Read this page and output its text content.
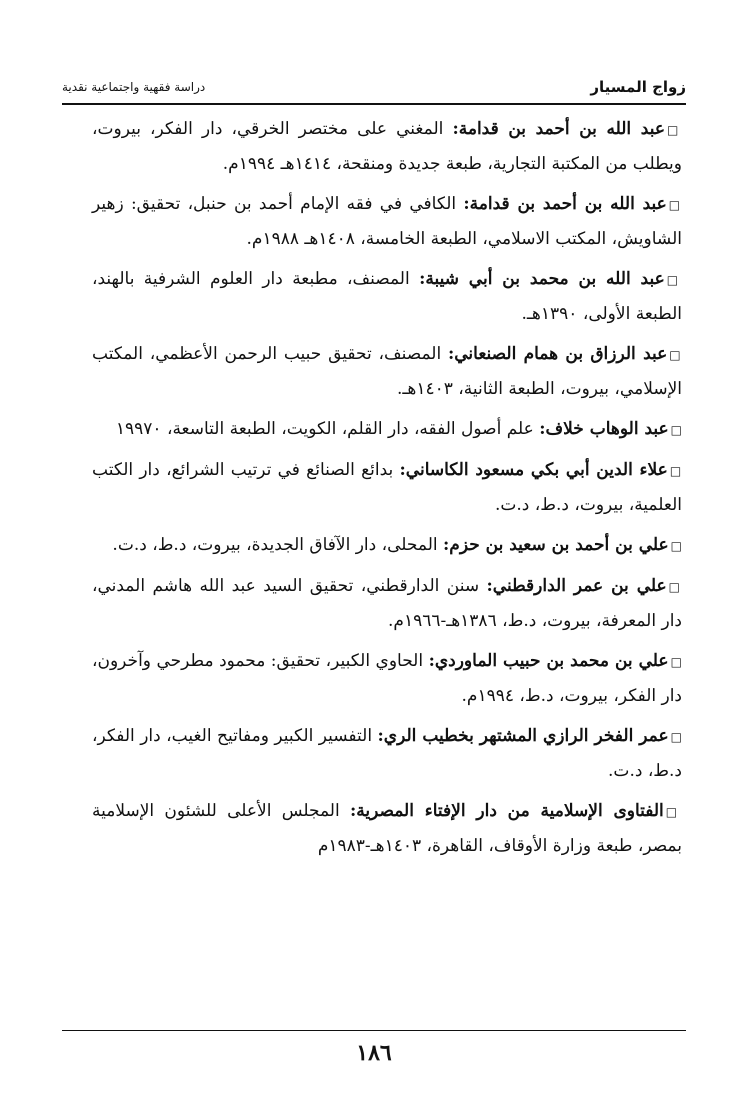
زواج المسيار
دراسة فقهية واجتماعية نقدية
□عبد الله بن أحمد بن قدامة: المغني على مختصر الخرقي، دار الفكر، بيروت، ويطلب من المكتبة التجارية، طبعة جديدة ومنقحة، ١٤١٤هـ ١٩٩٤م.
□عبد الله بن أحمد بن قدامة: الكافي في فقه الإمام أحمد بن حنبل، تحقيق: زهير الشاويش، المكتب الاسلامي، الطبعة الخامسة، ١٤٠٨هـ ١٩٨٨م.
□عبد الله بن محمد بن أبي شيبة: المصنف، مطبعة دار العلوم الشرفية بالهند، الطبعة الأولى، ١٣٩٠هـ.
□عبد الرزاق بن همام الصنعاني: المصنف، تحقيق حبيب الرحمن الأعظمي، المكتب الإسلامي، بيروت، الطبعة الثانية، ١٤٠٣هـ.
□عبد الوهاب خلاف: علم أصول الفقه، دار القلم، الكويت، الطبعة التاسعة، ١٩٩٧٠
□علاء الدين أبي بكي مسعود الكاساني: بدائع الصنائع في ترتيب الشرائع، دار الكتب العلمية، بيروت، د.ط، د.ت.
□علي بن أحمد بن سعيد بن حزم: المحلى، دار الآفاق الجديدة، بيروت، د.ط، د.ت.
□علي بن عمر الدارقطني: سنن الدارقطني، تحقيق السيد عبد الله هاشم المدني، دار المعرفة، بيروت، د.ط، ١٣٨٦هـ-١٩٦٦م.
□علي بن محمد بن حبيب الماوردي: الحاوي الكبير، تحقيق: محمود مطرحي وآخرون، دار الفكر، بيروت، د.ط، ١٩٩٤م.
□عمر الفخر الرازي المشتهر بخطيب الري: التفسير الكبير ومفاتيح الغيب، دار الفكر، د.ط، د.ت.
□الفتاوى الإسلامية من دار الإفتاء المصرية: المجلس الأعلى للشئون الإسلامية بمصر، طبعة وزارة الأوقاف، القاهرة، ١٤٠٣هـ-١٩٨٣م
١٨٦
